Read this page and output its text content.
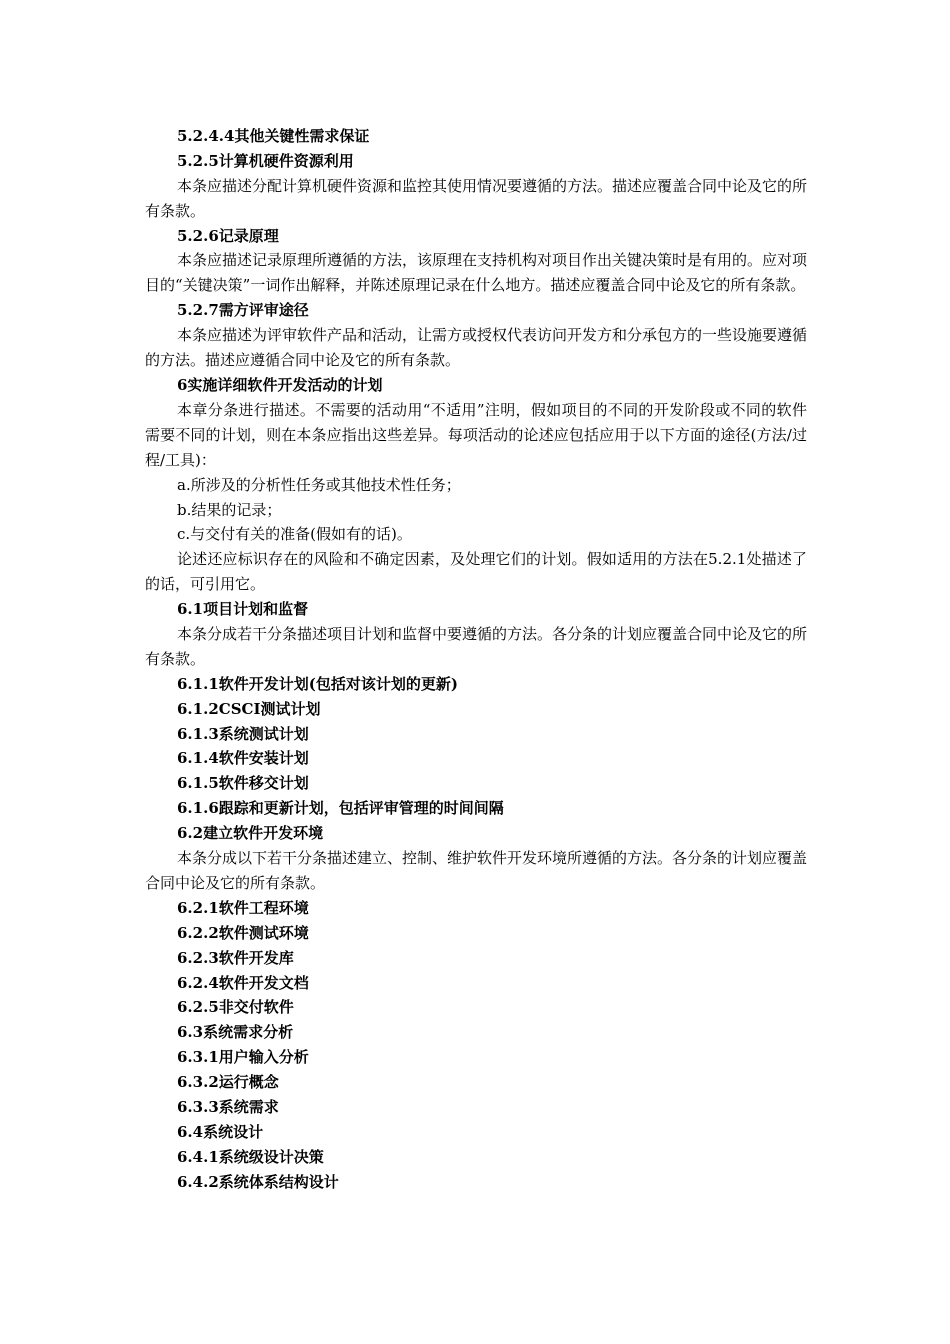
5.2.4.4其他关键性需求保证
5.2.5计算机硬件资源利用
本条应描述分配计算机硬件资源和监控其使用情况要遵循的方法。描述应覆盖合同中论及它的所有条款。
5.2.6记录原理
本条应描述记录原理所遵循的方法，该原理在支持机构对项目作出关键决策时是有用的。应对项目的“关键决策”一词作出解释，并陈述原理记录在什么地方。描述应覆盖合同中论及它的所有条款。
5.2.7需方评审途径
本条应描述为评审软件产品和活动，让需方或授权代表访问开发方和分承包方的一些设施要遵循的方法。描述应遵循合同中论及它的所有条款。
6实施详细软件开发活动的计划
本章分条进行描述。不需要的活动用“不适用”注明，假如项目的不同的开发阶段或不同的软件需要不同的计划，则在本条应指出这些差异。每项活动的论述应包括应用于以下方面的途径(方法/过程/工具)：
a.所涉及的分析性任务或其他技术性任务；
b.结果的记录；
c.与交付有关的准备(假如有的话)。
论述还应标识存在的风险和不确定因素，及处理它们的计划。假如适用的方法在5.2.1处描述了的话，可引用它。
6.1项目计划和监督
本条分成若干分条描述项目计划和监督中要遵循的方法。各分条的计划应覆盖合同中论及它的所有条款。
6.1.1软件开发计划(包括对该计划的更新)
6.1.2CSCI测试计划
6.1.3系统测试计划
6.1.4软件安装计划
6.1.5软件移交计划
6.1.6跟踪和更新计划，包括评审管理的时间间隔
6.2建立软件开发环境
本条分成以下若干分条描述建立、控制、维护软件开发环境所遵循的方法。各分条的计划应覆盖合同中论及它的所有条款。
6.2.1软件工程环境
6.2.2软件测试环境
6.2.3软件开发库
6.2.4软件开发文档
6.2.5非交付软件
6.3系统需求分析
6.3.1用户输入分析
6.3.2运行概念
6.3.3系统需求
6.4系统设计
6.4.1系统级设计决策
6.4.2系统体系结构设计
